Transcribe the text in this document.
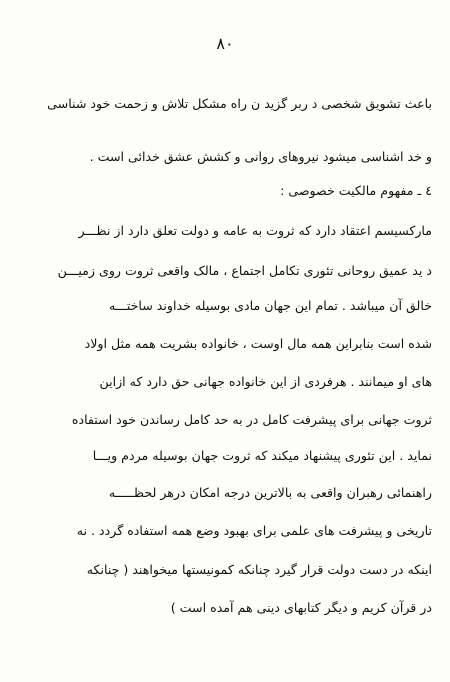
۸۰
باعث تشویق شخصی د ربر گزید ن راه مشکل تلاش و زحمت خود شناسی
و خد اشناسی میشود نیروهای روانی و کشش عشق خدائی است .
٤ ـ مفهوم مالکیت خصوصی :
مارکسیسم اعتقاد دارد که ثروت به عامه و دولت تعلق دارد از نظـــر
د ید عمیق روحانی تئوری تکامل اجتماع ، مالک واقعی ثروت روی زمیـــن
خالق آن میباشد . تمام این جهان مادی بوسیله خداوند ساختـــه
شده است بنابراین همه مال اوست ، خانواده بشریت همه مثل اولاد
های او میمانند . هرفردی از این خانواده جهانی حق دارد که ازاین
ثروت جهانی برای پیشرفت کامل در به حد کامل رساندن خود استفاده
نماید . این تئوری پیشنهاد میکند که ثروت جهان بوسیله مردم ویـــا
راهنمائی رهبران واقعی به بالاترین درجه امکان درهر لحظـــــه
تاریخی و پیشرفت های علمی برای بهبود وضع همه استفاده گردد . نه
اینکه در دست دولت قرار گیرد چنانکه کمونیستها میخواهند ( چنانکه
در قرآن کریم و دیگر کتابهای دینی هم آمده است )
